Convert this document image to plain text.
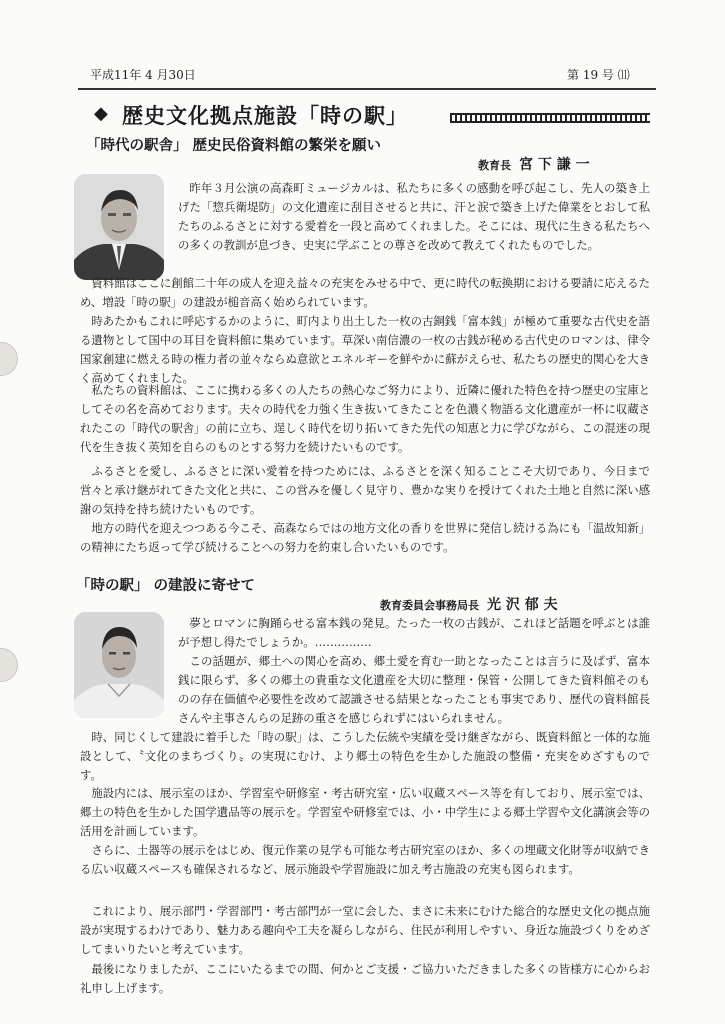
平成11年 4 月30日	第 19 号 ⑾
◆ 歴史文化拠点施設「時の駅」
「時代の駅舎」 歴史民俗資料館の繁栄を願い
教育長 宮 下 謙 一

昨年３月公演の高森町ミュージカルは、私たちに多くの感動を呼び起こし、先人の築き上げた「惣兵衛堤防」の文化遺産に刮目させると共に、汗と涙で築き上げた偉業をとおして私たちのふるさとに対する愛着を一段と高めてくれました。そこには、現代に生きる私たちへの多くの教訓が息づき、史実に学ぶことの尊さを改めて教えてくれたものでした。

資料館はここに創館二十年の成人を迎え益々の充実をみせる中で、更に時代の転換期における要請に応えるため、増設「時の駅」の建設が槌音高く始められています。

時あたかもこれに呼応するかのように、町内より出土した一枚の古銅銭「富本銭」が極めて重要な古代史を語る遺物として国中の耳目を資料館に集めています。草深い南信濃の一枚の古銭が秘める古代史のロマンは、律令国家創建に燃える時の権力者の並々ならぬ意欲とエネルギーを鮮やかに蘇がえらせ、私たちの歴史的関心を大きく高めてくれました。

私たちの資料館は、ここに携わる多くの人たちの熱心なご努力により、近隣に優れた特色を持つ歴史の宝庫としてその名を高めております。夫々の時代を力強く生き抜いてきたことを色濃く物語る文化遺産が一杯に収蔵されたこの「時代の駅舎」の前に立ち、逞しく時代を切り拓いてきた先代の知恵と力に学びながら、この混迷の現代を生き抜く英知を自らのものとする努力を続けたいものです。

ふるさとを愛し、ふるさとに深い愛着を持つためには、ふるさとを深く知ることこそ大切であり、今日まで営々と承け継がれてきた文化と共に、この営みを優しく見守り、豊かな実りを授けてくれた土地と自然に深い感謝の気持を持ち続けたいものです。

地方の時代を迎えつつある今こそ、高森ならではの地方文化の香りを世界に発信し続ける為にも「温故知新」の精神にたち返って学び続けることへの努力を約束し合いたいものです。

「時の駅」 の建設に寄せて
教育委員会事務局長 光 沢 郁 夫

夢とロマンに胸踊らせる富本銭の発見。たった一枚の古銭が、これほど話題を呼ぶとは誰が予想し得たでしょうか。……………

この話題が、郷土への関心を高め、郷土愛を育む一助となったことは言うに及ばず、富本銭に限らず、多くの郷土の貴重な文化遺産を大切に整理・保管・公開してきた資料館そのものの存在価値や必要性を改めて認識させる結果となったことも事実であり、歴代の資料館長さんや主事さんらの足跡の重さを感じられずにはいられません。

時、同じくして建設に着手した「時の駅」は、こうした伝統や実績を受け継ぎながら、既資料館と一体的な施設として、〝文化のまちづくり〟の実現にむけ、より郷土の特色を生かした施設の整備・充実をめざすものです。

施設内には、展示室のほか、学習室や研修室・考古研究室・広い収蔵スペース等を有しており、展示室では、郷土の特色を生かした国学遺品等の展示を。学習室や研修室では、小・中学生による郷土学習や文化講演会等の活用を計画しています。

さらに、土器等の展示をはじめ、復元作業の見学も可能な考古研究室のほか、多くの埋蔵文化財等が収納できる広い収蔵スペースも確保されるなど、展示施設や学習施設に加え考古施設の充実も図られます。

これにより、展示部門・学習部門・考古部門が一堂に会した、まさに未来にむけた総合的な歴史文化の拠点施設が実現するわけであり、魅力ある趣向や工夫を凝らしながら、住民が利用しやすい、身近な施設づくりをめざしてまいりたいと考えています。

最後になりましたが、ここにいたるまでの間、何かとご支援・ご協力いただきました多くの皆様方に心からお礼申し上げます。
